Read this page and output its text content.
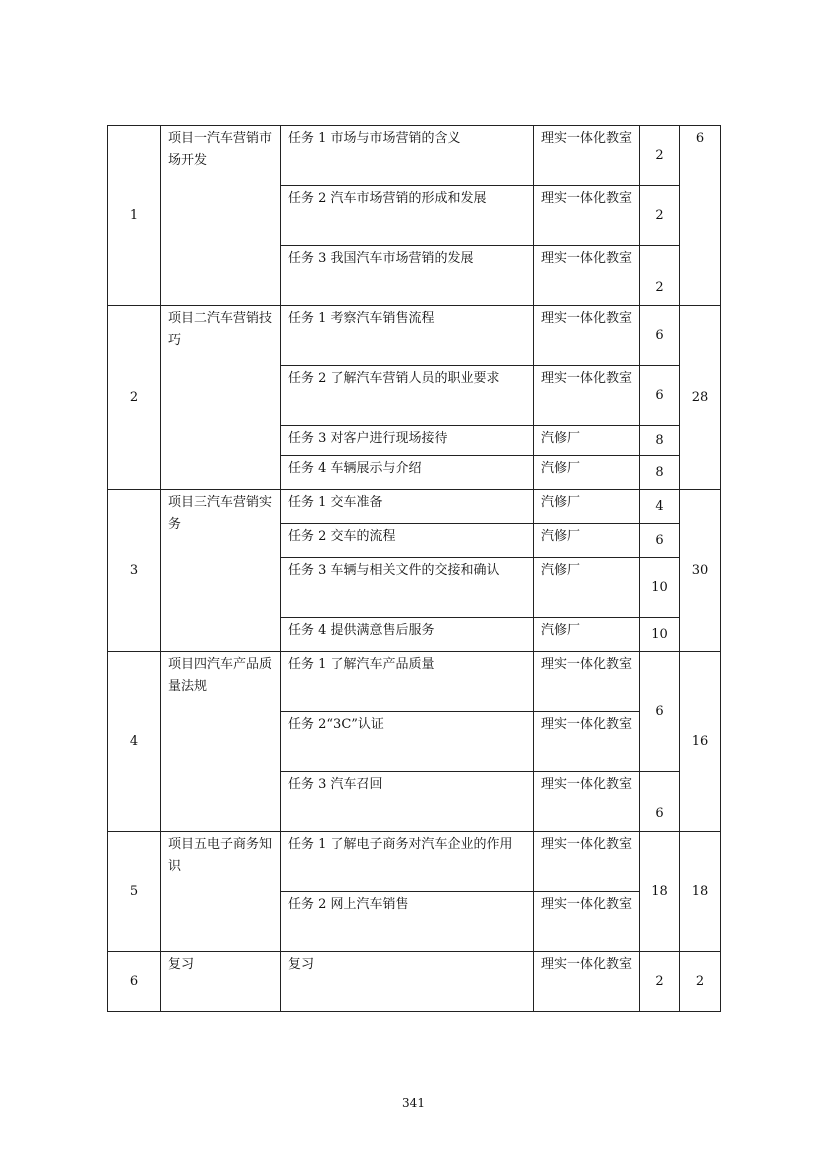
1	项目一汽车营销市场开发	任务 1 市场与市场营销的含义	理实一体化教室	2	6
		任务 2 汽车市场营销的形成和发展	理实一体化教室	2	
		任务 3 我国汽车市场营销的发展	理实一体化教室	2	
2	项目二汽车营销技巧	任务 1 考察汽车销售流程	理实一体化教室	6	28
		任务 2 了解汽车营销人员的职业要求	理实一体化教室	6	
		任务 3 对客户进行现场接待	汽修厂	8	
		任务 4 车辆展示与介绍	汽修厂	8	
3	项目三汽车营销实务	任务 1 交车准备	汽修厂	4	30
		任务 2 交车的流程	汽修厂	6	
		任务 3 车辆与相关文件的交接和确认	汽修厂	10	
		任务 4 提供满意售后服务	汽修厂	10	
4	项目四汽车产品质量法规	任务 1 了解汽车产品质量	理实一体化教室	6	16
		任务 2“3C”认证	理实一体化教室		
		任务 3 汽车召回	理实一体化教室	6	
5	项目五电子商务知识	任务 1 了解电子商务对汽车企业的作用	理实一体化教室	18	18
		任务 2 网上汽车销售	理实一体化教室		
6	复习	复习	理实一体化教室	2	2
341
